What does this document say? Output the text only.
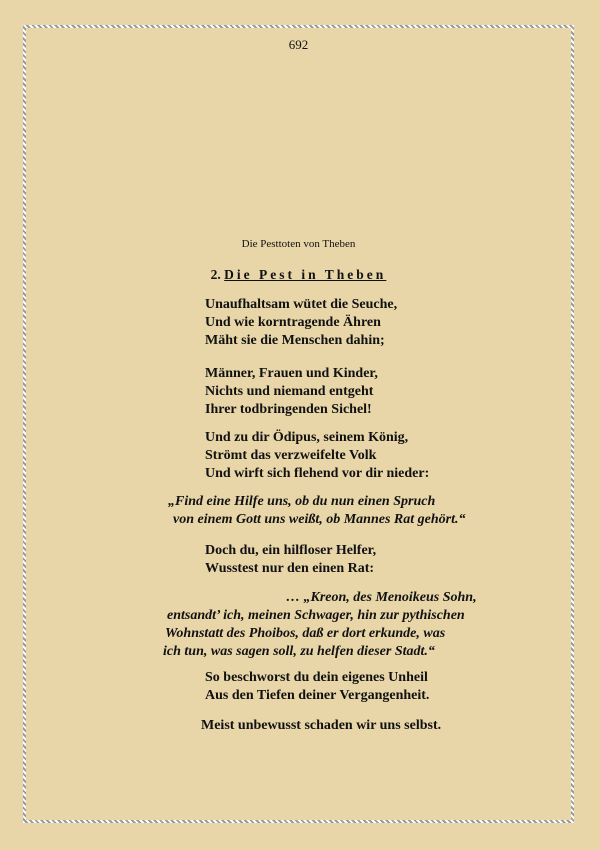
692
Die Pesttoten von Theben
2. Die Pest in Theben
Unaufhaltsam wütet die Seuche,
Und wie korntragende Ähren
Mäht sie die Menschen dahin;
Männer, Frauen und Kinder,
Nichts und niemand entgeht
Ihrer todbringenden Sichel!
Und zu dir Ödipus, seinem König,
Strömt das verzweifelte Volk
Und wirft sich flehend vor dir nieder:
„Find eine Hilfe uns, ob du nun einen Spruch
von einem Gott uns weißt, ob Mannes Rat gehört.“
Doch du, ein hilfloser Helfer,
Wusstest nur den einen Rat:
… „Kreon, des Menoikeus Sohn,
entsandt’ ich, meinen Schwager, hin zur pythischen
Wohnstatt des Phoibos, daß er dort erkunde, was
ich tun, was sagen soll, zu helfen dieser Stadt.“
So beschworst du dein eigenes Unheil
Aus den Tiefen deiner Vergangenheit.
Meist unbewusst schaden wir uns selbst.
